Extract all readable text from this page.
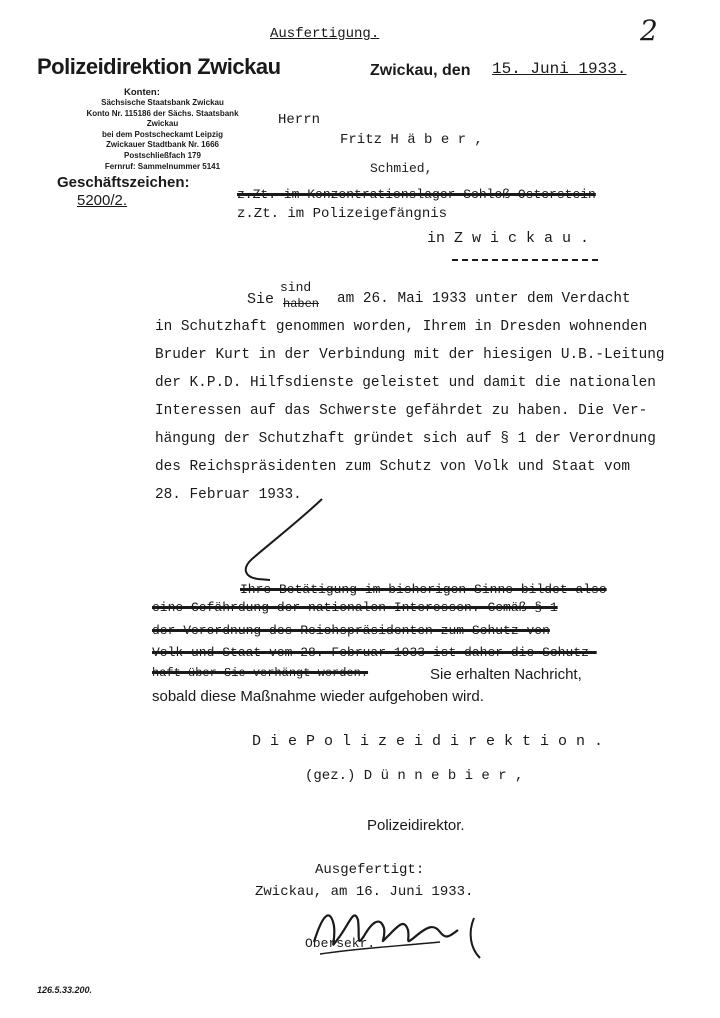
Ausfertigung.	2
Polizeidirektion Zwickau
Konten:
Sächsische Staatsbank Zwickau
Konto Nr. 115186 der Sächs. Staatsbank Zwickau
bei dem Postscheckamt Leipzig
Zwickauer Stadtbank Nr. 1666
Postschließfach 179
Fernruf: Sammelnummer 5141
Geschäftszeichen:
5200/2.
Zwickau, den 15. Juni 1933.
Herrn
Fritz H ä b e r ,
Schmied,
z.Zt. im Konzentrationslager Schloß Osterstein
z.Zt. im Polizeigefängnis
in Z w i c k a u .
sind
Sie haben am 26. Mai 1933 unter dem Verdacht
in Schutzhaft genommen worden, Ihrem in Dresden wohnenden
Bruder Kurt in der Verbindung mit der hiesigen U.B.-Leitung
der K.P.D. Hilfsdienste geleistet und damit die nationalen
Interessen auf das Schwerste gefährdet zu haben. Die Ver-
hängung der Schutzhaft gründet sich auf § 1 der Verordnung
des Reichspräsidenten zum Schutz von Volk und Staat vom
28. Februar 1933.
Ihre Betätigung im bisherigen Sinne bildet also
eine Gefährdung der nationalen Interessen. Gemäß § 1
der Verordnung des Reichspräsidenten zum Schutz von
Volk und Staat vom 28. Februar 1933 ist daher die Schutz-
haft über Sie verhängt worden.	Sie erhalten Nachricht,
sobald diese Maßnahme wieder aufgehoben wird.
D i e P o l i z e i d i r e k t i o n .
(gez.) D ü n n e b i e r ,
Polizeidirektor.
Ausgefertigt:
Zwickau, am 16. Juni 1933.
Obersekr.
126.5.33.200.
